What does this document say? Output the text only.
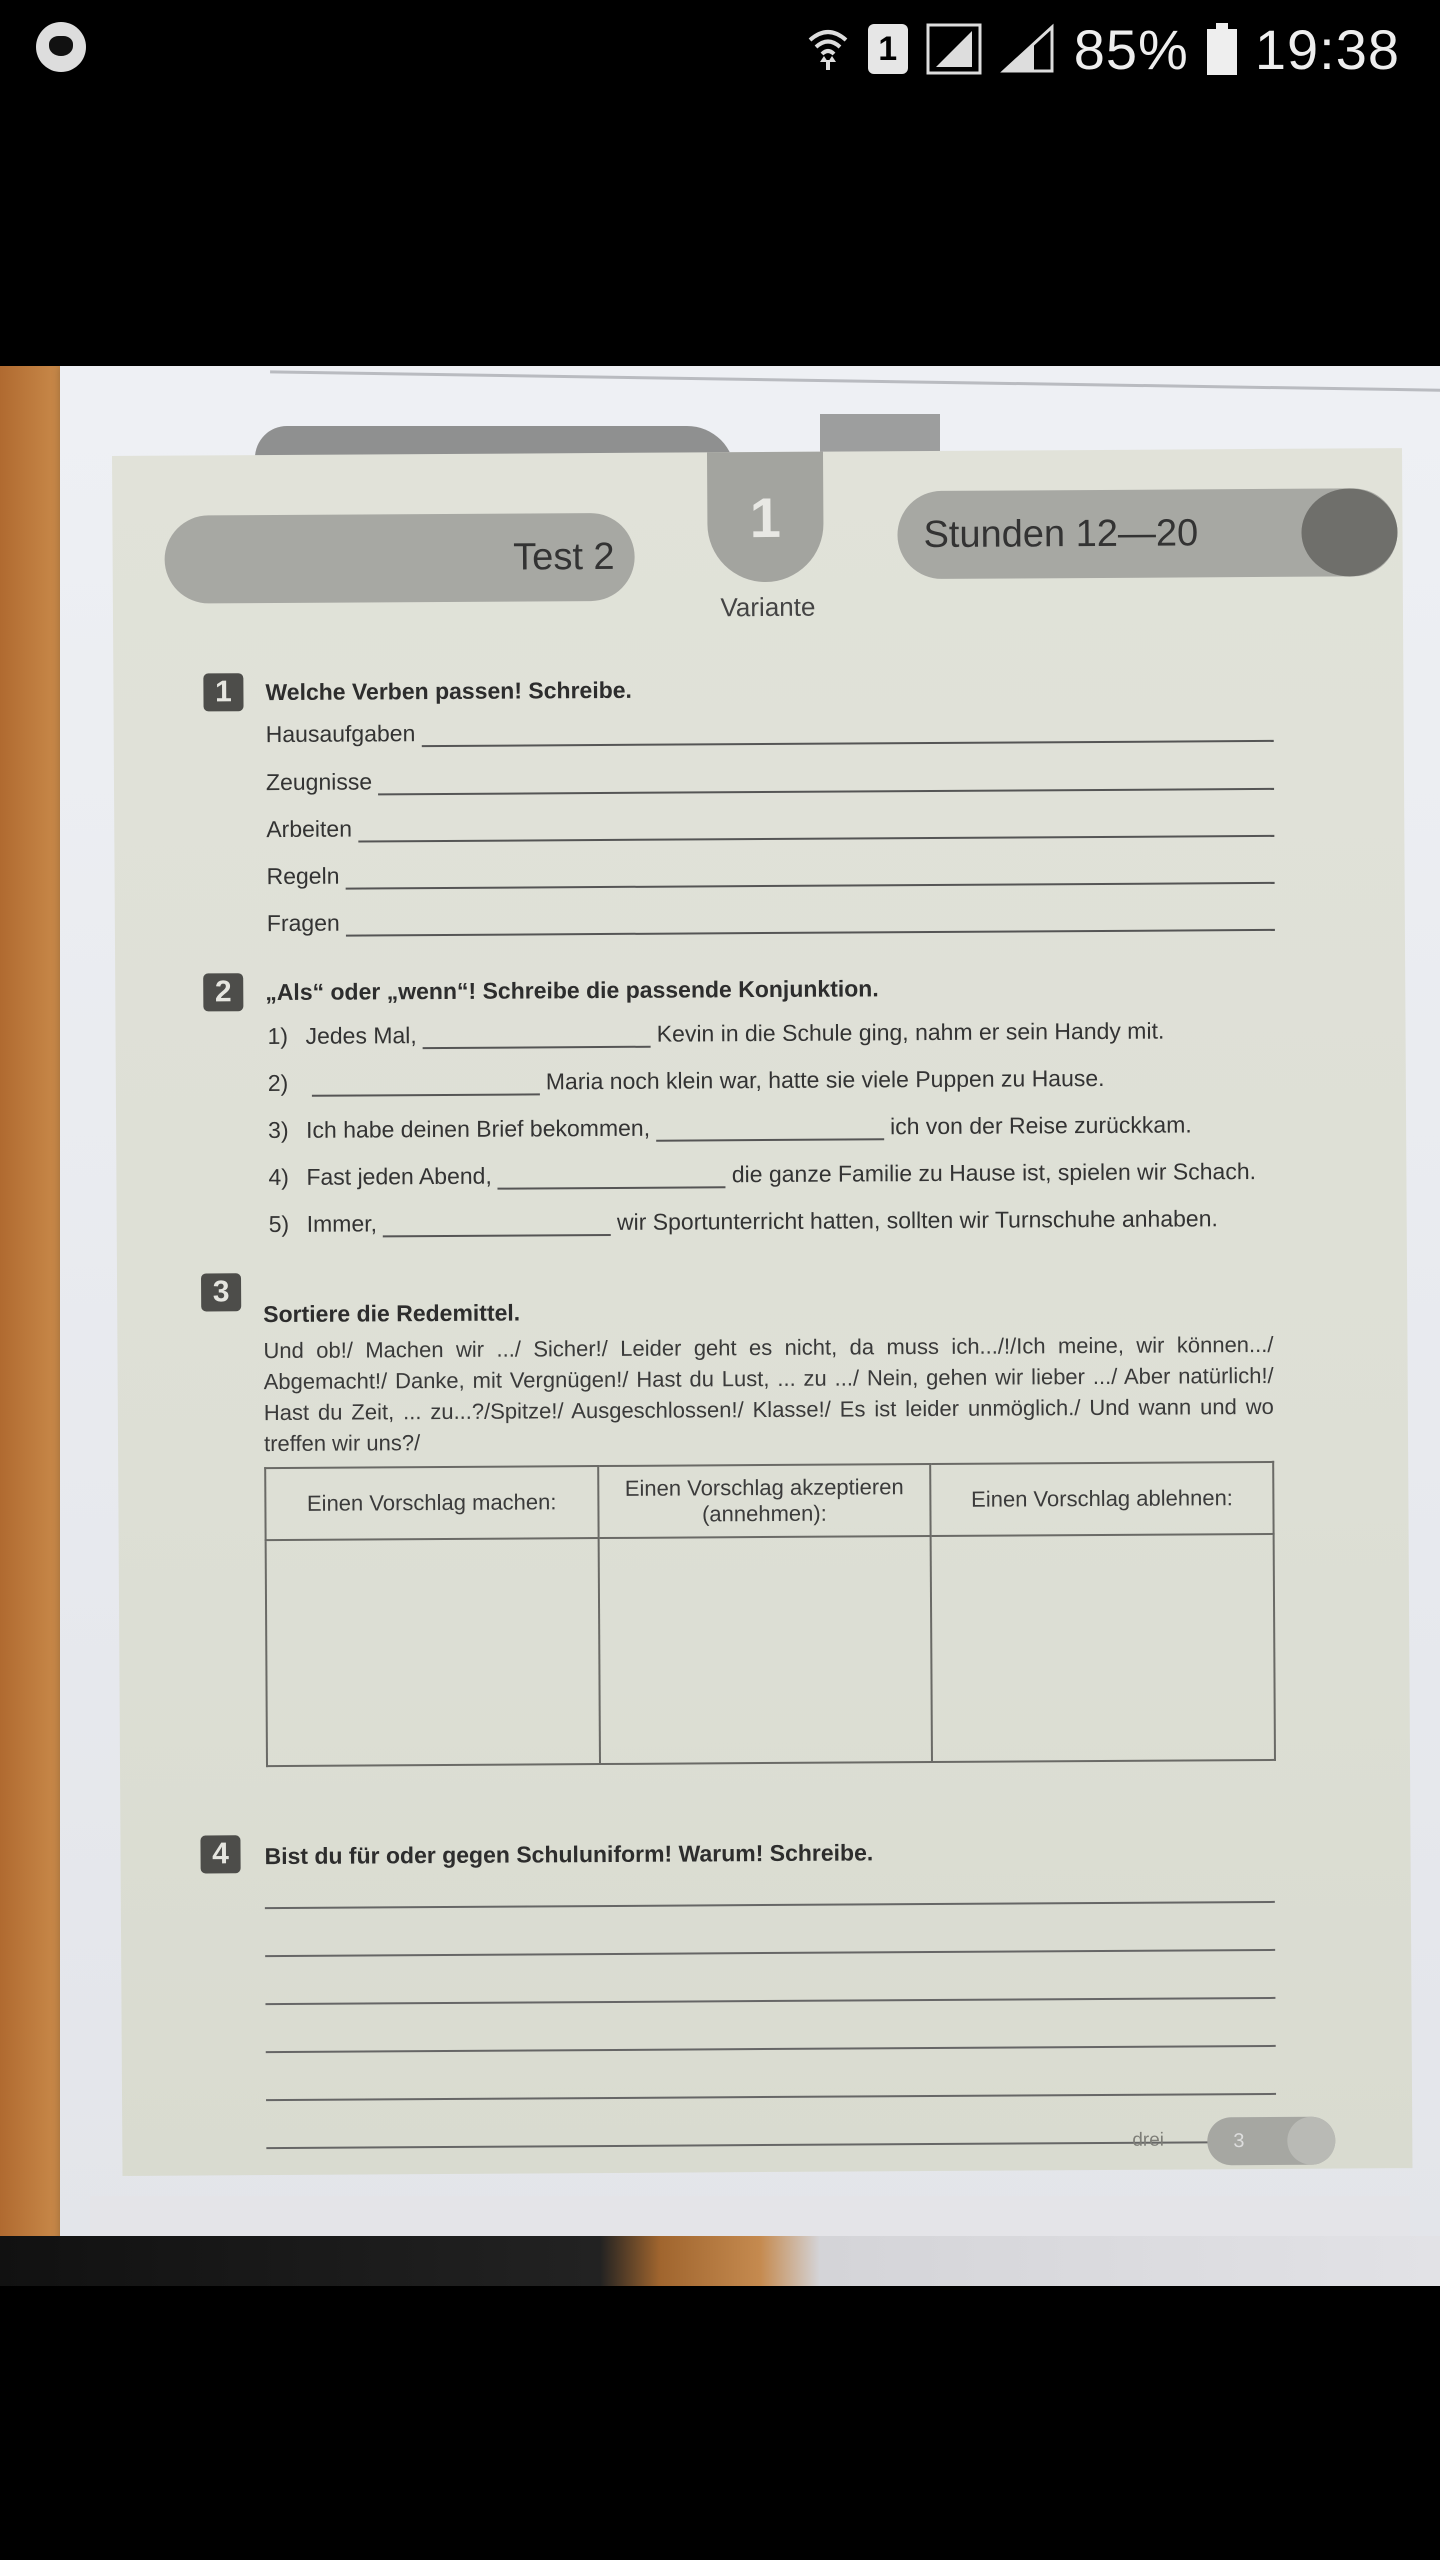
1	85% 19:38
Test 2
1
Variante
Stunden 12—20
1	Welche Verben passen! Schreibe.
Hausaufgaben
Zeugnisse
Arbeiten
Regeln
Fragen
2	„Als“ oder „wenn“! Schreibe die passende Konjunktion.
1) Jedes Mal,	Kevin in die Schule ging, nahm er sein Handy mit.
2)	Maria noch klein war, hatte sie viele Puppen zu Hause.
3) Ich habe deinen Brief bekommen,	ich von der Reise zurückkam.
4) Fast jeden Abend,	die ganze Familie zu Hause ist, spielen wir Schach.
5) Immer,	wir Sportunterricht hatten, sollten wir Turnschuhe anhaben.
3
Sortiere die Redemittel.
Und ob!/ Machen wir .../ Sicher!/ Leider geht es nicht, da muss ich.../!/Ich meine, wir können.../ Abgemacht!/ Danke, mit Vergnügen!/ Hast du Lust, ... zu .../ Nein, gehen wir lieber .../ Aber natürlich!/ Hast du Zeit, ... zu...?/Spitze!/ Ausgeschlossen!/ Klasse!/ Es ist leider unmöglich./ Und wann und wo treffen wir uns?/
Einen Vorschlag machen:	Einen Vorschlag akzeptieren (annehmen):	Einen Vorschlag ablehnen:

4	Bist du für oder gegen Schuluniform! Warum! Schreibe.
drei	3
